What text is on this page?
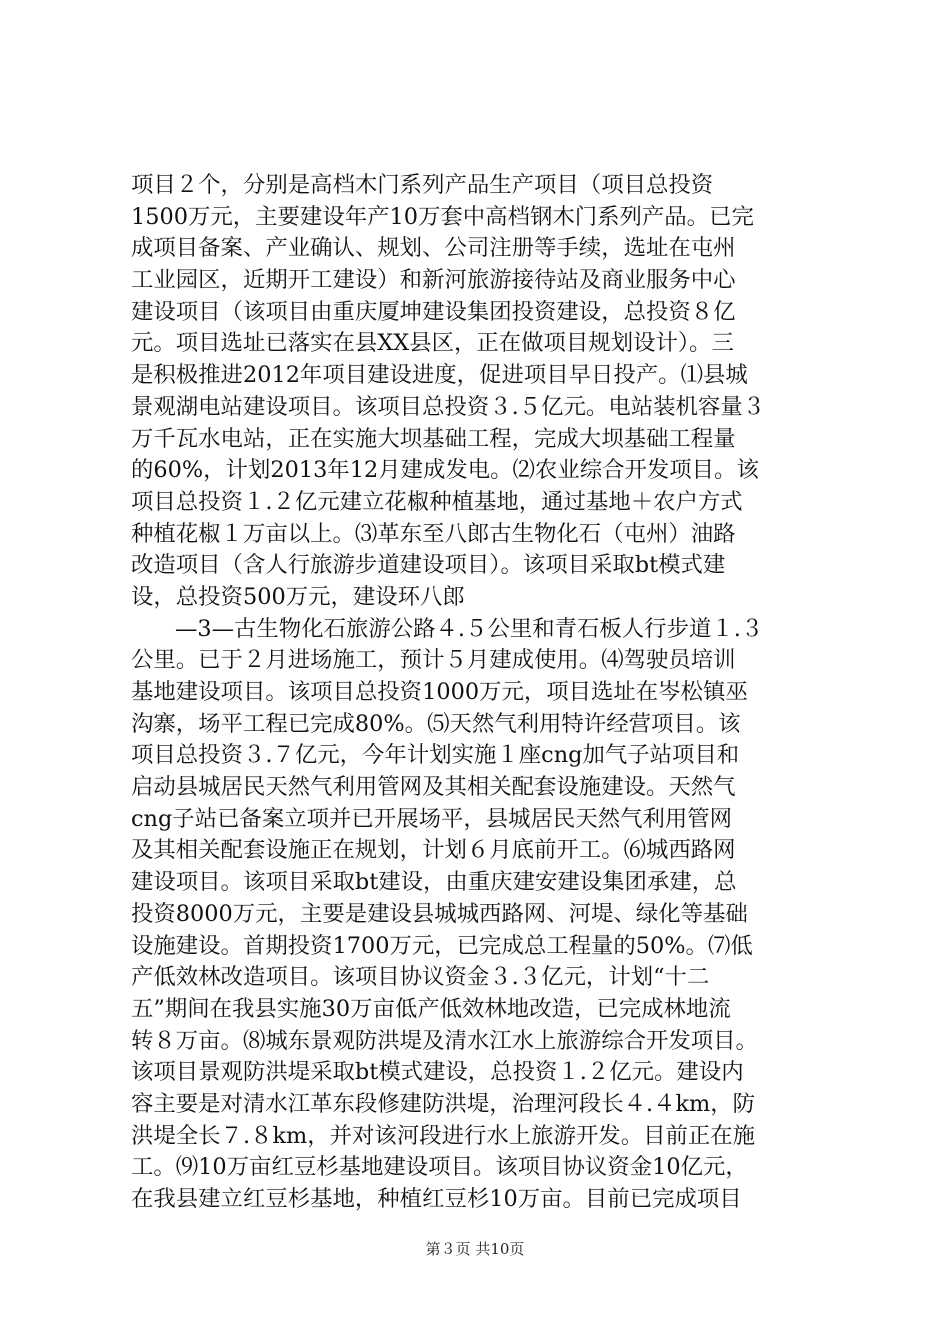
项目２个，分别是高档木门系列产品生产项目（项目总投资
1500万元，主要建设年产10万套中高档钢木门系列产品。已完
成项目备案、产业确认、规划、公司注册等手续，选址在屯州
工业园区，近期开工建设）和新河旅游接待站及商业服务中心
建设项目（该项目由重庆厦坤建设集团投资建设，总投资８亿
元。项目选址已落实在县XX县区，正在做项目规划设计）。三
是积极推进2012年项目建设进度，促进项目早日投产。⑴县城
景观湖电站建设项目。该项目总投资３.５亿元。电站装机容量３
万千瓦水电站，正在实施大坝基础工程，完成大坝基础工程量
的60%，计划2013年12月建成发电。⑵农业综合开发项目。该
项目总投资１.２亿元建立花椒种植基地，通过基地＋农户方式
种植花椒１万亩以上。⑶革东至八郎古生物化石（屯州）油路
改造项目（含人行旅游步道建设项目）。该项目采取bt模式建
设，总投资500万元，建设环八郎
—3—古生物化石旅游公路４.５公里和青石板人行步道１.３
公里。已于２月进场施工，预计５月建成使用。⑷驾驶员培训
基地建设项目。该项目总投资1000万元，项目选址在岑松镇巫
沟寨，场平工程已完成80%。⑸天然气利用特许经营项目。该
项目总投资３.７亿元，今年计划实施１座cng加气子站项目和
启动县城居民天然气利用管网及其相关配套设施建设。天然气
cng子站已备案立项并已开展场平，县城居民天然气利用管网
及其相关配套设施正在规划，计划６月底前开工。⑹城西路网
建设项目。该项目采取bt建设，由重庆建安建设集团承建，总
投资8000万元，主要是建设县城城西路网、河堤、绿化等基础
设施建设。首期投资1700万元，已完成总工程量的50%。⑺低
产低效林改造项目。该项目协议资金３.３亿元，计划“十二
五”期间在我县实施30万亩低产低效林地改造，已完成林地流
转８万亩。⑻城东景观防洪堤及清水江水上旅游综合开发项目。
该项目景观防洪堤采取bt模式建设，总投资１.２亿元。建设内
容主要是对清水江革东段修建防洪堤，治理河段长４.４km，防
洪堤全长７.８km，并对该河段进行水上旅游开发。目前正在施
工。⑼10万亩红豆杉基地建设项目。该项目协议资金10亿元，
在我县建立红豆杉基地，种植红豆杉10万亩。目前已完成项目
第３页 共10页
